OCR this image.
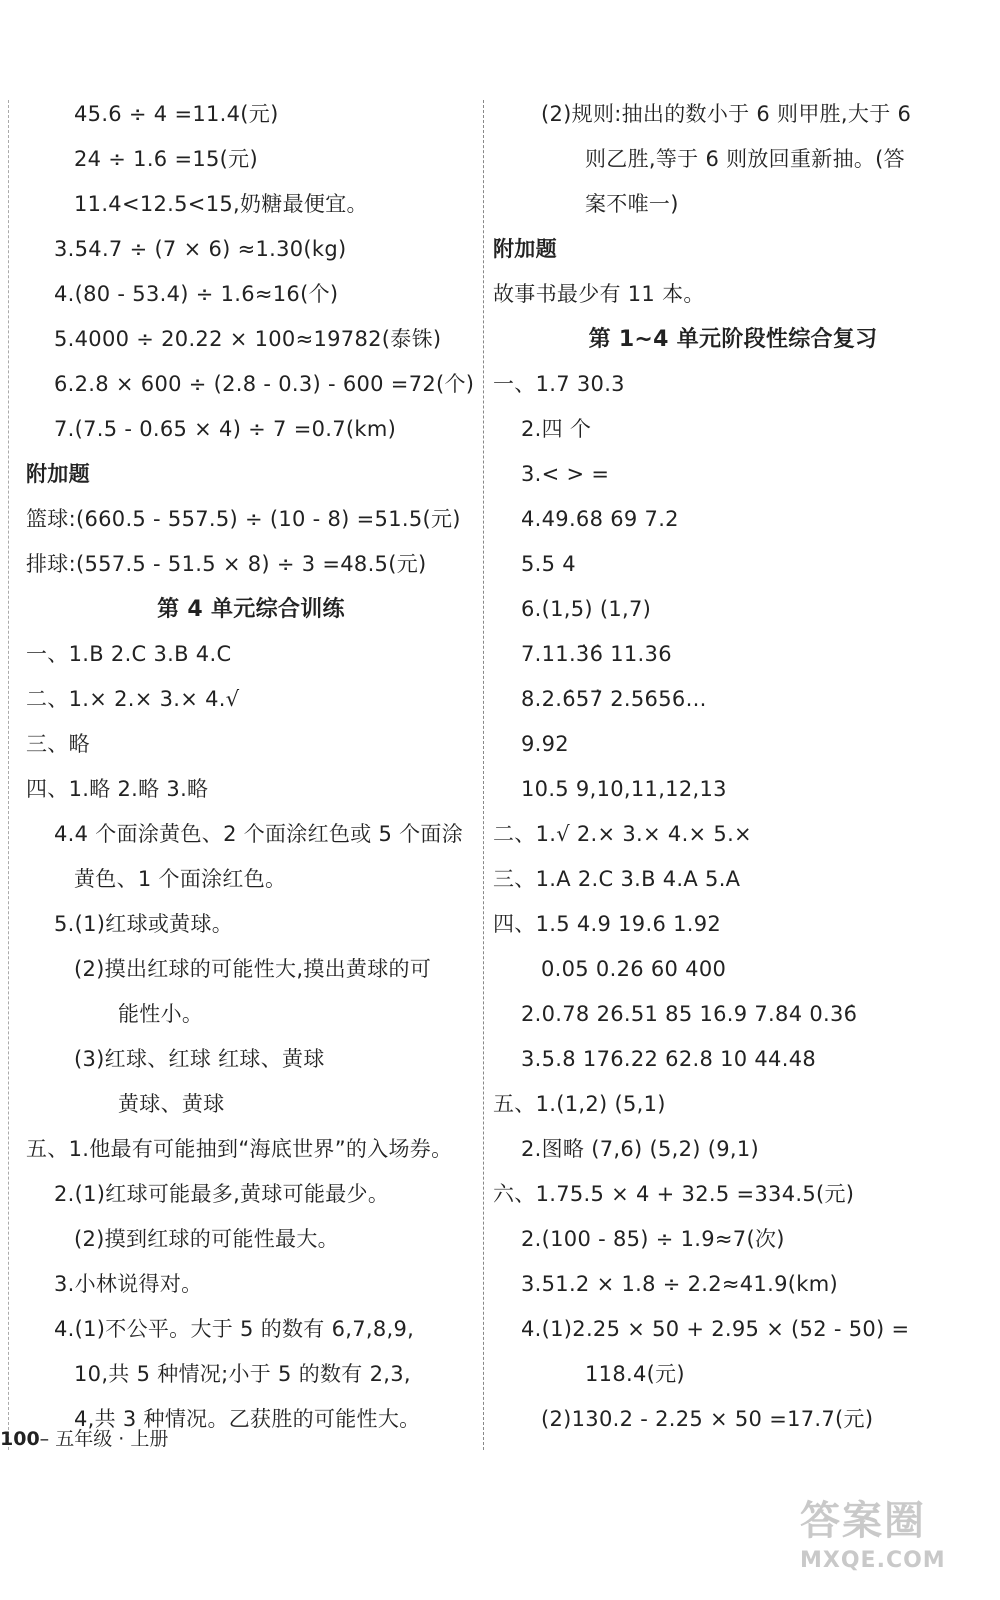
45.6 ÷ 4 =11.4(元)
24 ÷ 1.6 =15(元)
11.4<12.5<15,奶糖最便宜。
3.54.7 ÷ (7 × 6) ≈1.30(kg)
4.(80 - 53.4) ÷ 1.6≈16(个)
5.4000 ÷ 20.22 × 100≈19782(泰铢)
6.2.8 × 600 ÷ (2.8 - 0.3) - 600 =72(个)
7.(7.5 - 0.65 × 4) ÷ 7 =0.7(km)
附加题
篮球:(660.5 - 557.5) ÷ (10 - 8) =51.5(元)
排球:(557.5 - 51.5 × 8) ÷ 3 =48.5(元)
第 4 单元综合训练
一、1.B 2.C 3.B 4.C
二、1.× 2.× 3.× 4.√
三、略
四、1.略 2.略 3.略
4.4 个面涂黄色、2 个面涂红色或 5 个面涂
黄色、1 个面涂红色。
5.(1)红球或黄球。
(2)摸出红球的可能性大,摸出黄球的可
能性小。
(3)红球、红球 红球、黄球
黄球、黄球
五、1.他最有可能抽到“海底世界”的入场券。
2.(1)红球可能最多,黄球可能最少。
(2)摸到红球的可能性最大。
3.小林说得对。
4.(1)不公平。大于 5 的数有 6,7,8,9,
10,共 5 种情况;小于 5 的数有 2,3,
4,共 3 种情况。乙获胜的可能性大。
(2)规则:抽出的数小于 6 则甲胜,大于 6
则乙胜,等于 6 则放回重新抽。(答
案不唯一)
附加题
故事书最少有 11 本。
第 1~4 单元阶段性综合复习
一、1.7 30.3
2.四 个
3.< > =
4.49.68 69 7.2
5.5 4
6.(1,5) (1,7)
7.11.3̇6̇ 11.36
8.2.6̇57̇ 2.5656…
9.92
10.5 9,10,11,12,13
二、1.√ 2.× 3.× 4.× 5.×
三、1.A 2.C 3.B 4.A 5.A
四、1.5 4.9 19.6 1.92
0.05 0.26 60 400
2.0.78 26.51 85 16.9 7.84 0.36̇
3.5.8 176.22 62.8 10 44.48
五、1.(1,2) (5,1)
2.图略 (7,6) (5,2) (9,1)
六、1.75.5 × 4 + 32.5 =334.5(元)
2.(100 - 85) ÷ 1.9≈7(次)
3.51.2 × 1.8 ÷ 2.2≈41.9(km)
4.(1)2.25 × 50 + 2.95 × (52 - 50) =
118.4(元)
(2)130.2 - 2.25 × 50 =17.7(元)
100– 五年级 · 上册
答案圈
MXQE.COM
